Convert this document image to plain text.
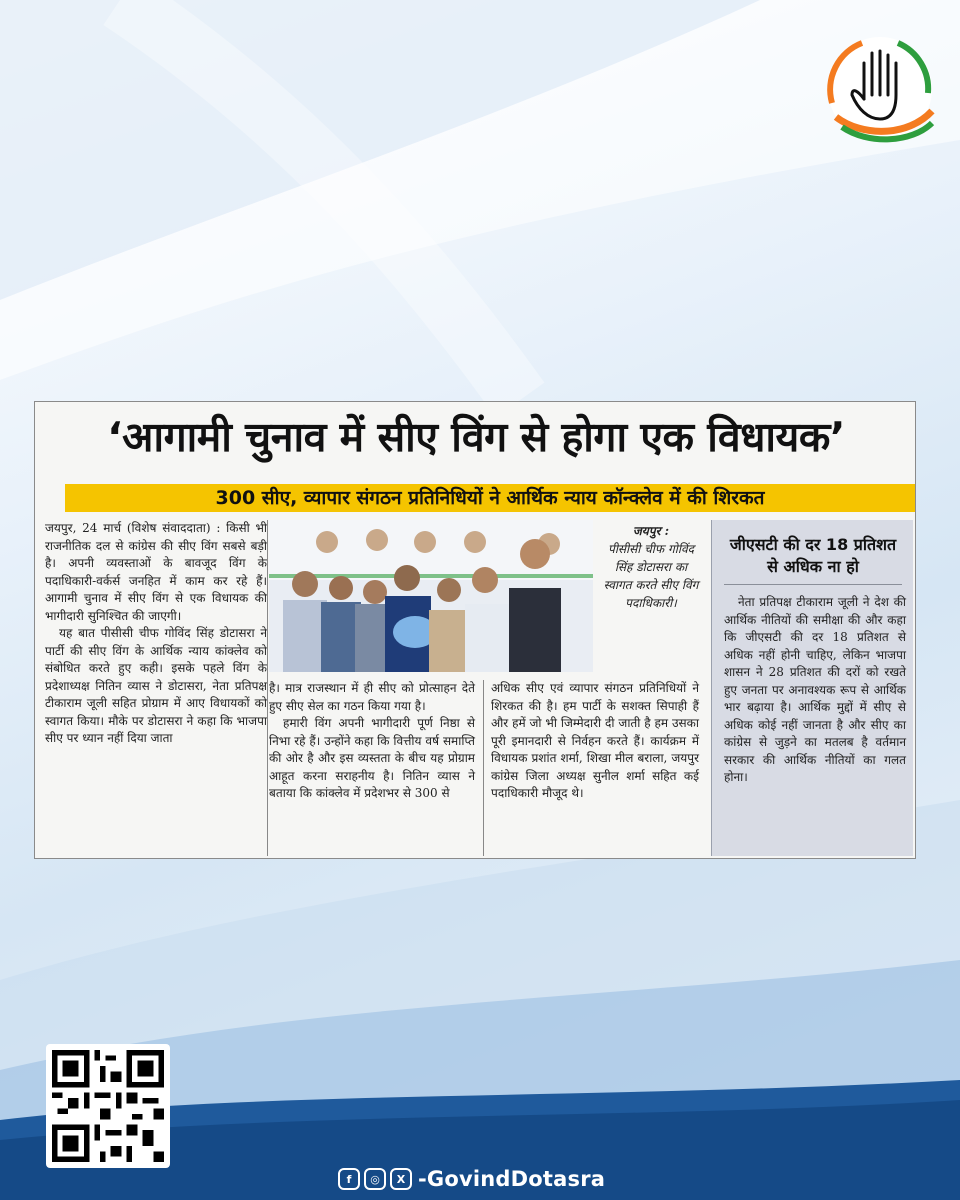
‘आगामी चुनाव में सीए विंग से होगा एक विधायक’
300 सीए, व्यापार संगठन प्रतिनिधियों ने आर्थिक न्याय कॉन्क्लेव में की शिरकत

जयपुर, 24 मार्च (विशेष संवाददाता) : किसी भी राजनीतिक दल से कांग्रेस की सीए विंग सबसे बड़ी है। अपनी व्यवस्ताओं के बावजूद विंग के पदाधिकारी-वर्कर्स जनहित में काम कर रहे हैं। आगामी चुनाव में सीए विंग से एक विधायक की भागीदारी सुनिश्चित की जाएगी।

यह बात पीसीसी चीफ गोविंद सिंह डोटासरा ने पार्टी की सीए विंग के आर्थिक न्याय कांक्लेव को संबोधित करते हुए कही। इसके पहले विंग के प्रदेशाध्यक्ष नितिन व्यास ने डोटासरा, नेता प्रतिपक्ष टीकाराम जूली सहित प्रोग्राम में आए विधायकों को स्वागत किया। मौके पर डोटासरा ने कहा कि भाजपा सीए पर ध्यान नहीं दिया जाता

जयपुर :
पीसीसी चीफ गोविंद सिंह डोटासरा का स्वागत करते सीए विंग पदाधिकारी।

है। मात्र राजस्थान में ही सीए को प्रोत्साहन देते हुए सीए सेल का गठन किया गया है।

हमारी विंग अपनी भागीदारी पूर्ण निष्ठा से निभा रहे हैं। उन्होंने कहा कि वित्तीय वर्ष समाप्ति की ओर है और इस व्यस्तता के बीच यह प्रोग्राम आहूत करना सराहनीय है। नितिन व्यास ने बताया कि कांक्लेव में प्रदेशभर से 300 से

अधिक सीए एवं व्यापार संगठन प्रतिनिधियों ने शिरकत की है। हम पार्टी के सशक्त सिपाही हैं और हमें जो भी जिम्मेदारी दी जाती है हम उसका पूरी इमानदारी से निर्वहन करते हैं। कार्यक्रम में विधायक प्रशांत शर्मा, शिखा मील बराला, जयपुर कांग्रेस जिला अध्यक्ष सुनील शर्मा सहित कई पदाधिकारी मौजूद थे।

जीएसटी की दर 18 प्रतिशत से अधिक ना हो
नेता प्रतिपक्ष टीकाराम जूली ने देश की आर्थिक नीतियों की समीक्षा की और कहा कि जीएसटी की दर 18 प्रतिशत से अधिक नहीं होनी चाहिए, लेकिन भाजपा शासन ने 28 प्रतिशत की दरों को रखते हुए जनता पर अनावश्यक रूप से आर्थिक भार बढ़ाया है। आर्थिक मुद्दों में सीए से अधिक कोई नहीं जानता है और सीए का कांग्रेस से जुड़ने का मतलब है वर्तमान सरकार की आर्थिक नीतियों का गलत होना।
f	◎	X -GovindDotasra
